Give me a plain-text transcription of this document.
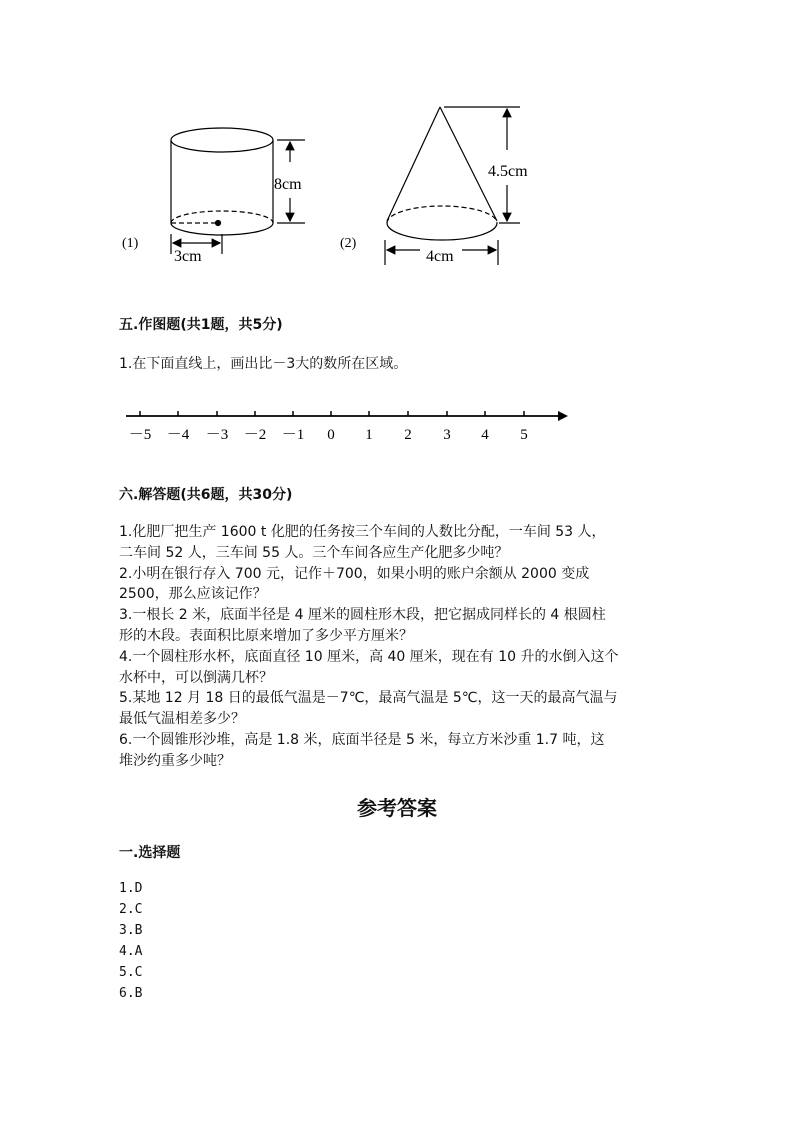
(1)
8cm
3cm
(2)
4.5cm
4cm
五.作图题(共1题，共5分)
1.在下面直线上，画出比－3大的数所在区域。
－5 －4 －3 －2 －1 0 1 2 3 4 5
六.解答题(共6题，共30分)
1.化肥厂把生产 1600 t 化肥的任务按三个车间的人数比分配，一车间 53 人，
二车间 52 人，三车间 55 人。三个车间各应生产化肥多少吨？
2.小明在银行存入 700 元，记作＋700，如果小明的账户余额从 2000 变成
2500，那么应该记作？
3.一根长 2 米，底面半径是 4 厘米的圆柱形木段，把它据成同样长的 4 根圆柱
形的木段。表面积比原来增加了多少平方厘米？
4.一个圆柱形水杯，底面直径 10 厘米，高 40 厘米，现在有 10 升的水倒入这个
水杯中，可以倒满几杯？
5.某地 12 月 18 日的最低气温是－7℃，最高气温是 5℃，这一天的最高气温与
最低气温相差多少？
6.一个圆锥形沙堆，高是 1.8 米，底面半径是 5 米，每立方米沙重 1.7 吨，这
堆沙约重多少吨？
参考答案
一.选择题
1.D
2.C
3.B
4.A
5.C
6.B
